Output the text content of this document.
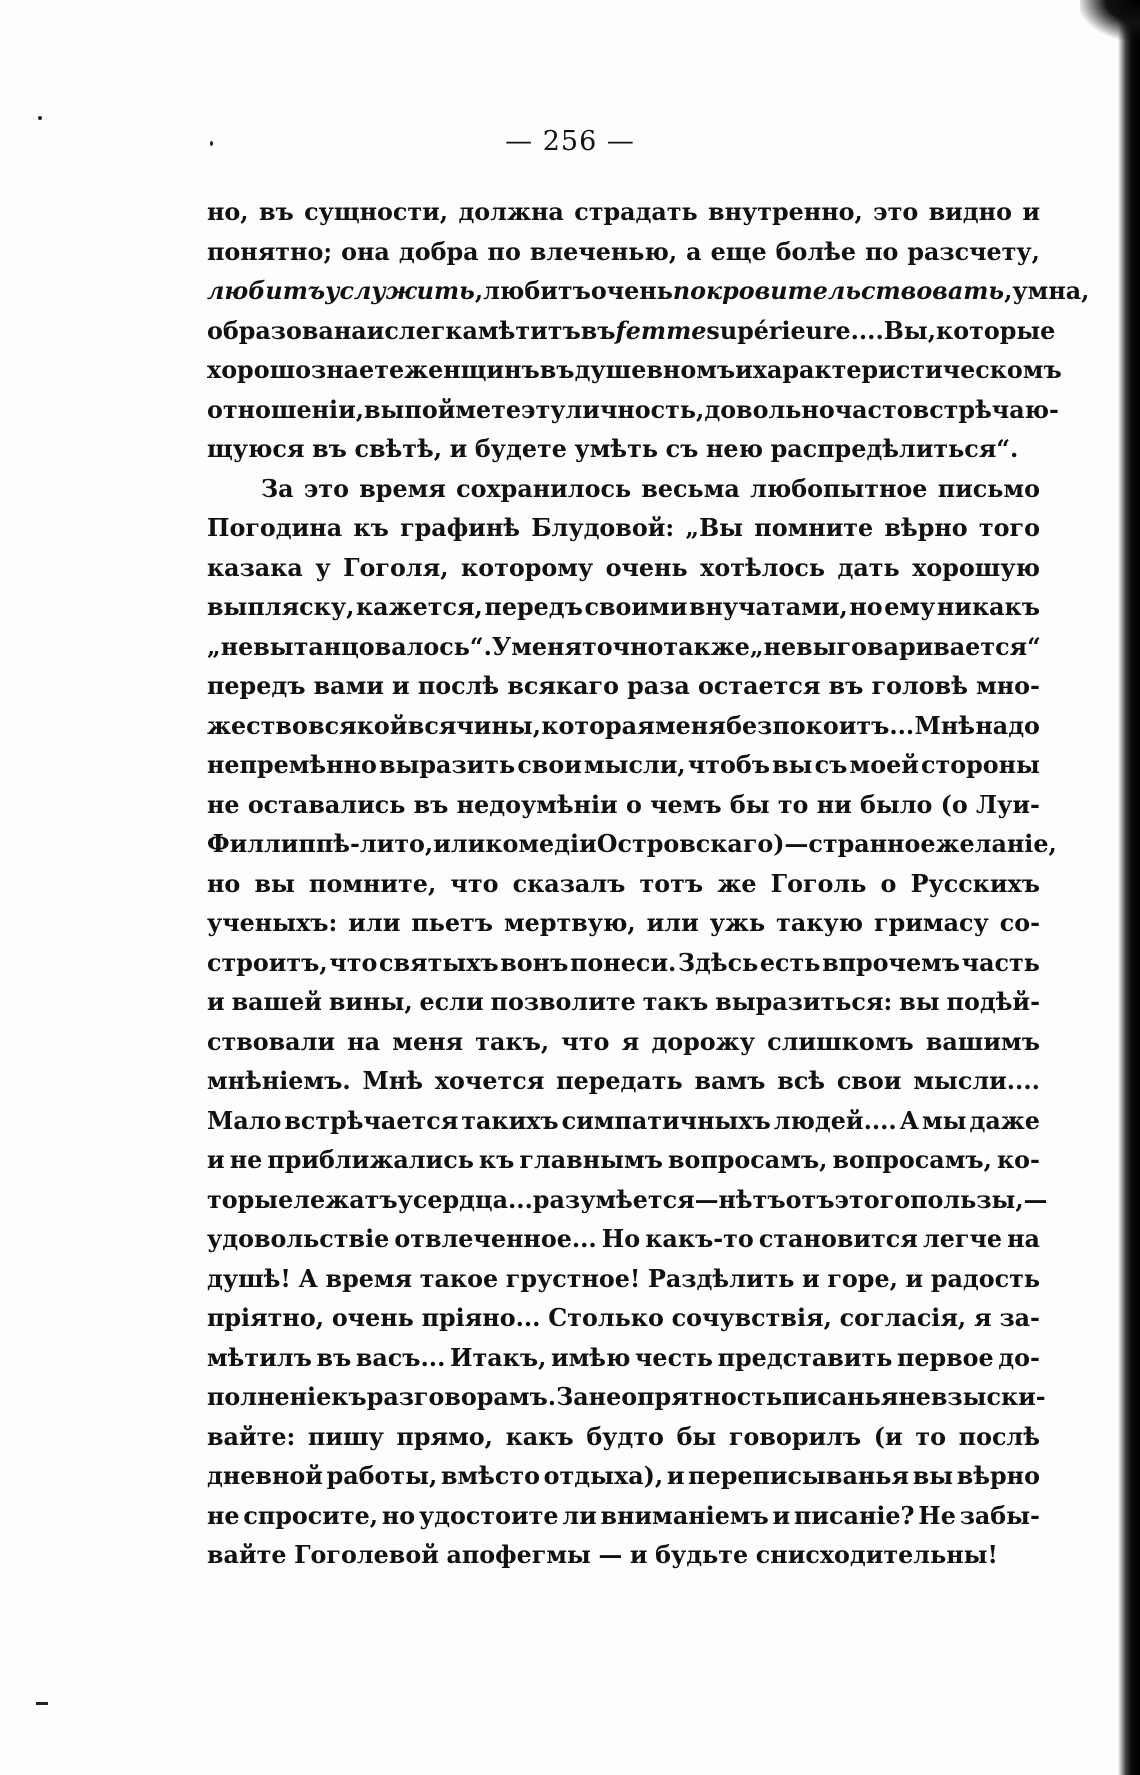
— 256 —
но, въ сущности, должна страдать внутренно, это видно и
понятно; она добра по влеченью, а еще болѣе по разсчету,
любитъ услужить, любитъ оченьпокровительствовать, умна,
образована и слегка мѣтитъ въfemme supérieure.... Вы, которые
хорошо знаете женщинъ въ душевномъ и характеристическомъ
отношеніи, вы поймете эту личность, довольно часто встрѣчаю-
щуюся въ свѣтѣ, и будете умѣть съ нею распредѣлиться“.
За это время сохранилось весьма любопытное письмо
Погодина къ графинѣ Блудовой: „Вы помните вѣрно того
казака у Гоголя, которому очень хотѣлось дать хорошую
выпляску, кажется, передъ своими внучатами, но ему никакъ
„не вытанцовалось“. У меня точно также „не выговаривается“
передъ вами и послѣ всякаго раза остается въ головѣ мно-
жество всякой всячины, которая меня безпокоитъ... Мнѣ надо
непремѣнно выразить свои мысли, чтобъ вы съ моей стороны
не оставались въ недоумѣніи о чемъ бы то ни было (о Луи-
Филлиппѣ-ли то, или комедіи Островскаго)—странное желаніе,
но вы помните, что сказалъ тотъ же Гоголь о Русскихъ
ученыхъ: или пьетъ мертвую, или ужь такую гримасу со-
строитъ, что святыхъ вонъ понеси. Здѣсь есть впрочемъ часть
и вашей вины, если позволите такъ выразиться: вы подѣй-
ствовали на меня такъ, что я дорожу слишкомъ вашимъ
мнѣніемъ. Мнѣ хочется передать вамъ всѣ свои мысли....
Мало встрѣчается такихъ симпатичныхъ людей.... А мы даже
и не приближались къ главнымъ вопросамъ, вопросамъ, ко-
торые лежатъ у сердца... разумѣется—нѣтъ отъ этого пользы,—
удовольствіе отвлеченное... Но какъ-то становится легче на
душѣ! А время такое грустное! Раздѣлить и горе, и радость
пріятно, очень пріяно... Столько сочувствія, согласія, я за-
мѣтилъ въ васъ... Итакъ, имѣю честь представить первое до-
полненіе къ разговорамъ. За неопрятность писанья не взыски-
вайте: пишу прямо, какъ будто бы говорилъ (и то послѣ
дневной работы, вмѣсто отдыха), и переписыванья вы вѣрно
не спросите, но удостоите ли вниманіемъ и писаніе? Не забы-
вайте Гоголевой апофегмы — и будьте снисходительны!
